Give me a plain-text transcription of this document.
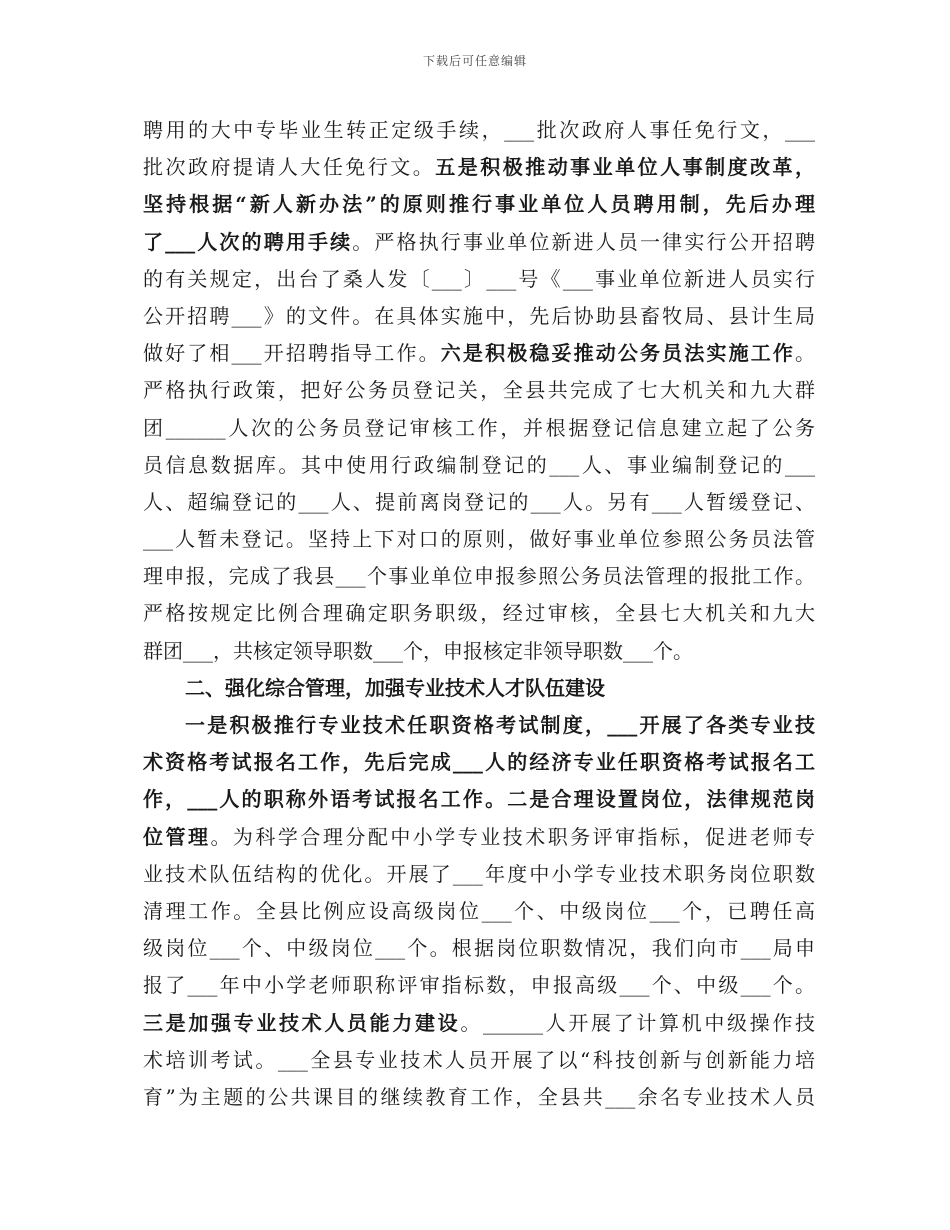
下载后可任意编辑
聘用的大中专毕业生转正定级手续，___批次政府人事任免行文，___
批次政府提请人大任免行文。五是积极推动事业单位人事制度改革，
坚持根据“新人新办法”的原则推行事业单位人员聘用制，先后办理
了___人次的聘用手续。严格执行事业单位新进人员一律实行公开招聘
的有关规定，出台了桑人发〔___〕___号《___事业单位新进人员实行
公开招聘___》的文件。在具体实施中，先后协助县畜牧局、县计生局
做好了相___开招聘指导工作。六是积极稳妥推动公务员法实施工作。
严格执行政策，把好公务员登记关，全县共完成了七大机关和九大群
团______人次的公务员登记审核工作，并根据登记信息建立起了公务
员信息数据库。其中使用行政编制登记的___人、事业编制登记的___
人、超编登记的___人、提前离岗登记的___人。另有___人暂缓登记、
___人暂未登记。坚持上下对口的原则，做好事业单位参照公务员法管
理申报，完成了我县___个事业单位申报参照公务员法管理的报批工作。
严格按规定比例合理确定职务职级，经过审核，全县七大机关和九大
群团___，共核定领导职数___个，申报核定非领导职数___个。
二、强化综合管理，加强专业技术人才队伍建设
一是积极推行专业技术任职资格考试制度，___开展了各类专业技
术资格考试报名工作，先后完成___人的经济专业任职资格考试报名工
作，___人的职称外语考试报名工作。二是合理设置岗位，法律规范岗
位管理。为科学合理分配中小学专业技术职务评审指标，促进老师专
业技术队伍结构的优化。开展了___年度中小学专业技术职务岗位职数
清理工作。全县比例应设高级岗位___个、中级岗位___个，已聘任高
级岗位___个、中级岗位___个。根据岗位职数情况，我们向市___局申
报了___年中小学老师职称评审指标数，申报高级___个、中级___个。
三是加强专业技术人员能力建设。______人开展了计算机中级操作技
术培训考试。___全县专业技术人员开展了以“科技创新与创新能力培
育”为主题的公共课目的继续教育工作，全县共___余名专业技术人员
